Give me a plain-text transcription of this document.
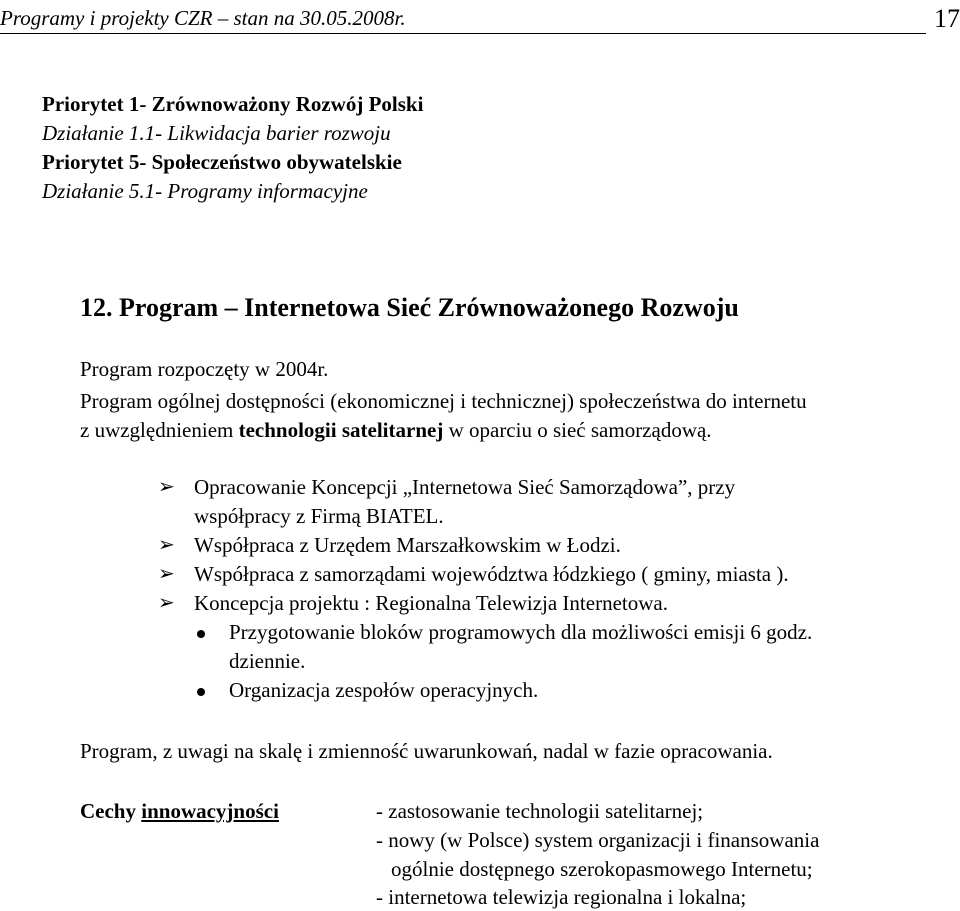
Programy i projekty CZR – stan na 30.05.2008r.	17
Priorytet 1- Zrównoważony Rozwój Polski
Działanie 1.1- Likwidacja barier rozwoju
Priorytet 5- Społeczeństwo obywatelskie
Działanie 5.1- Programy informacyjne
12. Program – Internetowa Sieć Zrównoważonego Rozwoju
Program rozpoczęty w 2004r.
Program ogólnej dostępności (ekonomicznej i technicznej) społeczeństwa do internetu
z uwzględnieniem technologii satelitarnej w oparciu o sieć samorządową.
➢ Opracowanie Koncepcji „Internetowa Sieć Samorządowa”, przy
współpracy z Firmą BIATEL.
➢ Współpraca z Urzędem Marszałkowskim w Łodzi.
➢ Współpraca z samorządami województwa łódzkiego ( gminy, miasta ).
➢ Koncepcja projektu : Regionalna Telewizja Internetowa.
Przygotowanie bloków programowych dla możliwości emisji 6 godz.
dziennie.
Organizacja zespołów operacyjnych.
Program, z uwagi na skalę i zmienność uwarunkowań, nadal w fazie opracowania.
Cechy innowacyjności	- zastosowanie technologii satelitarnej;
- nowy (w Polsce) system organizacji i finansowania
ogólnie dostępnego szerokopasmowego Internetu;
- internetowa telewizja regionalna i lokalna;
